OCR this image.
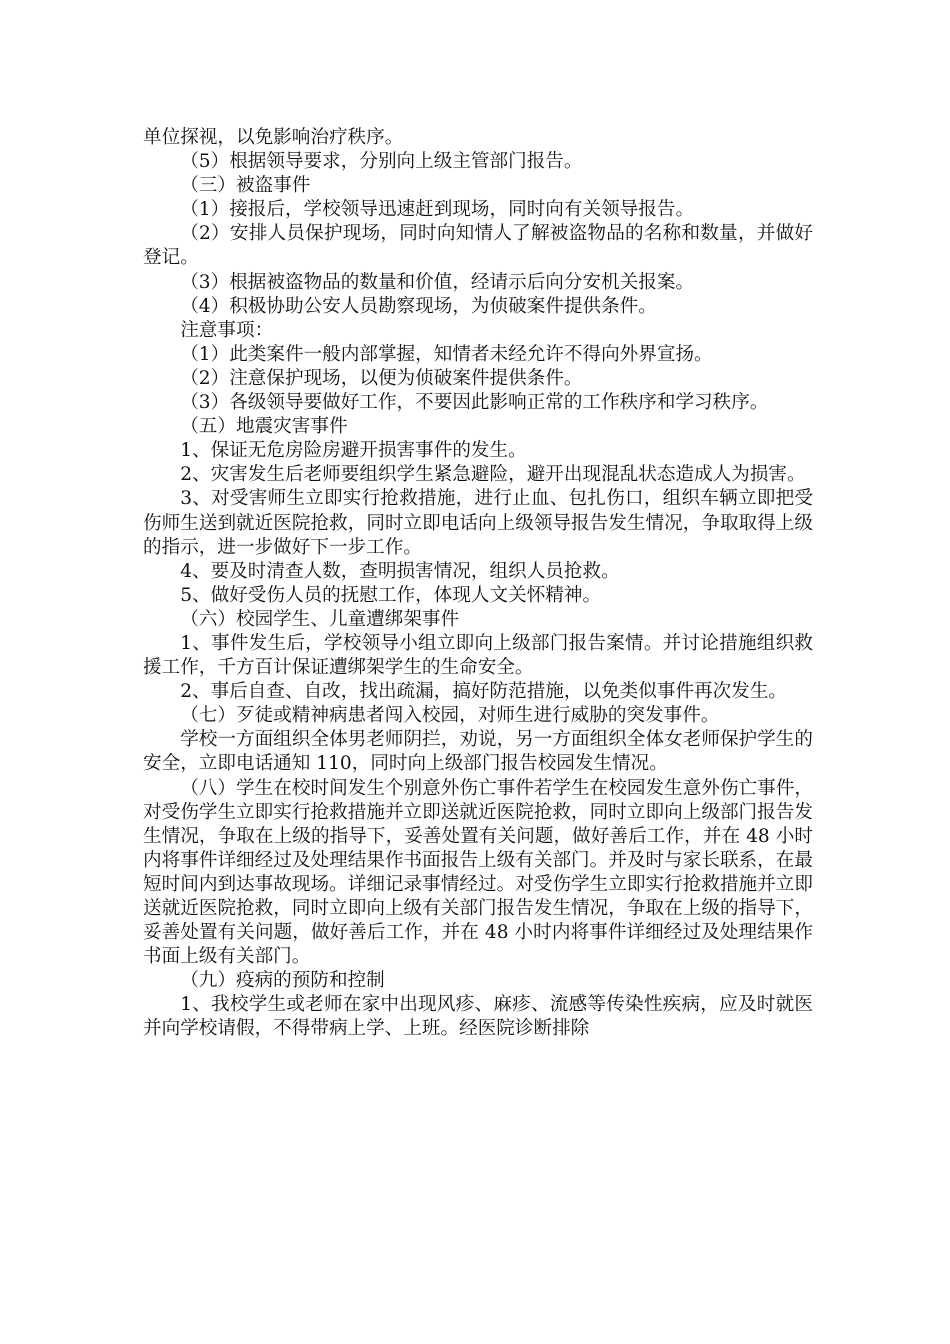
单位探视，以免影响治疗秩序。

（5）根据领导要求，分别向上级主管部门报告。

（三）被盗事件

（1）接报后，学校领导迅速赶到现场，同时向有关领导报告。

（2）安排人员保护现场，同时向知情人了解被盗物品的名称和数量，并做好登记。

（3）根据被盗物品的数量和价值，经请示后向分安机关报案。

（4）积极协助公安人员勘察现场，为侦破案件提供条件。

注意事项：

（1）此类案件一般内部掌握，知情者未经允许不得向外界宣扬。

（2）注意保护现场，以便为侦破案件提供条件。

（3）各级领导要做好工作，不要因此影响正常的工作秩序和学习秩序。

（五）地震灾害事件

1、保证无危房险房避开损害事件的发生。

2、灾害发生后老师要组织学生紧急避险，避开出现混乱状态造成人为损害。

3、对受害师生立即实行抢救措施，进行止血、包扎伤口，组织车辆立即把受伤师生送到就近医院抢救，同时立即电话向上级领导报告发生情况，争取取得上级的指示，进一步做好下一步工作。

4、要及时清查人数，查明损害情况，组织人员抢救。

5、做好受伤人员的抚慰工作，体现人文关怀精神。

（六）校园学生、儿童遭绑架事件

1、事件发生后，学校领导小组立即向上级部门报告案情。并讨论措施组织救援工作，千方百计保证遭绑架学生的生命安全。

2、事后自查、自改，找出疏漏，搞好防范措施，以免类似事件再次发生。

（七）歹徒或精神病患者闯入校园，对师生进行威胁的突发事件。

学校一方面组织全体男老师阴拦，劝说，另一方面组织全体女老师保护学生的安全，立即电话通知 110，同时向上级部门报告校园发生情况。

（八）学生在校时间发生个别意外伤亡事件若学生在校园发生意外伤亡事件，对受伤学生立即实行抢救措施并立即送就近医院抢救，同时立即向上级部门报告发生情况，争取在上级的指导下，妥善处置有关问题，做好善后工作，并在 48 小时内将事件详细经过及处理结果作书面报告上级有关部门。并及时与家长联系，在最短时间内到达事故现场。详细记录事情经过。对受伤学生立即实行抢救措施并立即送就近医院抢救，同时立即向上级有关部门报告发生情况，争取在上级的指导下，妥善处置有关问题，做好善后工作，并在 48 小时内将事件详细经过及处理结果作书面上级有关部门。

（九）疫病的预防和控制

1、我校学生或老师在家中出现风疹、麻疹、流感等传染性疾病，应及时就医并向学校请假，不得带病上学、上班。经医院诊断排除
